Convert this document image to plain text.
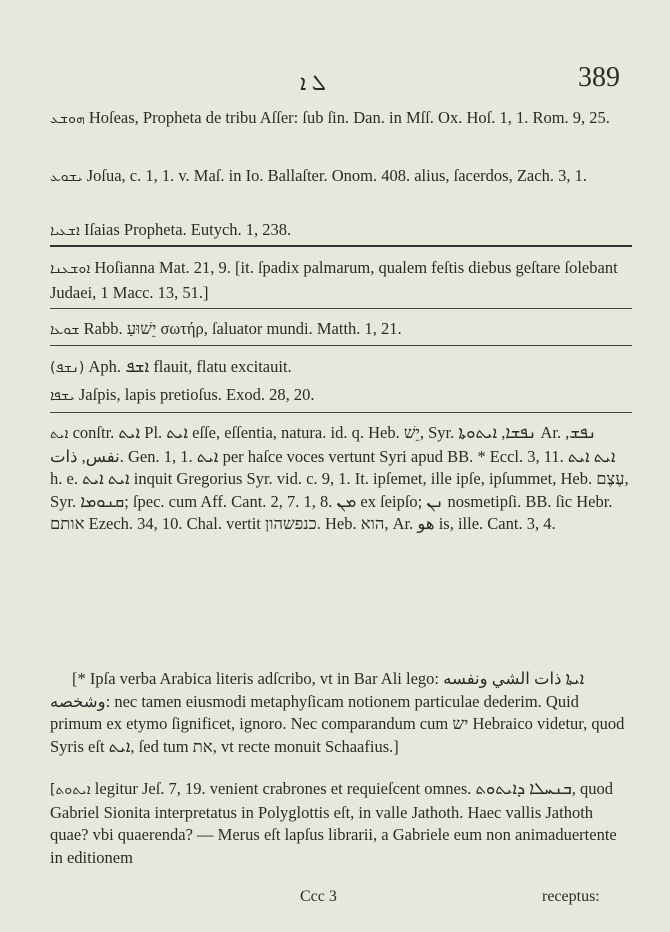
ܠ ܐ	389
ܗܘܫܥ Hoſeas, Propheta de tribu Aſſer: ſub ſin. Dan. in Mſſ. Ox. Hoſ. 1, 1. Rom. 9, 25.
ܝܫܘܥ Joſua, c. 1, 1. v. Maſ. in Io. Ballaſter. Onom. 408. alius, ſacerdos, Zach. 3, 1.
ܐܫܥܝܐ Iſaias Propheta. Eutych. 1, 238.
ܐܘܫܥܢܐ Hoſianna Mat. 21, 9. [it. ſpadix palmarum, qualem feſtis diebus geſtare ſolebant Judaei, 1 Macc. 13, 51.]
ܫܘܥܐ Rabb. יֵשׁוּעַ σωτήρ, ſaluator mundi. Matth. 1, 21.
(ܢܫܦ) Aph. ܐܫܦ flauit, flatu excitauit.
ܝܫܦܐ Jaſpis, lapis pretioſus. Exod. 28, 20.
ܐܝܬ conſtr. ܐܝܬ Pl. ܐܝܬ eſſe, eſſentia, natura. id. q. Heb. יֵשׁ, Syr. ܢܦܫܐ, ܐܝܬܘܬܐ Ar. ܢܦܫ, نفس, ذات. Gen. 1, 1. ܐܝܬ per haſce voces vertunt Syri apud BB. * Eccl. 3, 11. ܐܝܬ ܐܝܬ h. e. ܐܝܬ ܐܝܬ inquit Gregorius Syr. vid. c. 9, 1. It. ipſemet, ille ipſe, ipſummet, Heb. עֶצֶם, Syr. ܩܢܘܡܐ; ſpec. cum Aff. Cant. 2, 7. 1, 8. ܡܢ ex ſeipſo; ܢܢ nosmetipſi. BB. ſic Hebr. אותם Ezech. 34, 10. Chal. vertit כנפשהון. Heb. הוא, Ar. هو is, ille. Cant. 3, 4.
[* Ipſa verba Arabica literis adſcribo, vt in Bar Ali lego: ܐܝܬܐ ذات الشي ونفسه وشخصه: nec tamen eiusmodi metaphyſicam notionem particulae dederim. Quid primum ex etymo ſignificet, ignoro. Nec comparandum cum יש Hebraico videtur, quod Syris eſt ܐܝܬ, ſed tum את, vt recte monuit Schaafius.]
[ܐܝܬܘܬ legitur Jeſ. 7, 19. venient crabrones et requieſcent omnes. ܒܢܚܠܐ ܕܐܝܬܘܬ, quod Gabriel Sionita interpretatus in Polyglottis eſt, in valle Jathoth. Haec vallis Jathoth quae? vbi quaerenda? — Merus eſt lapſus librarii, a Gabriele eum non animaduertente in editionem
Ccc 3	receptus:
